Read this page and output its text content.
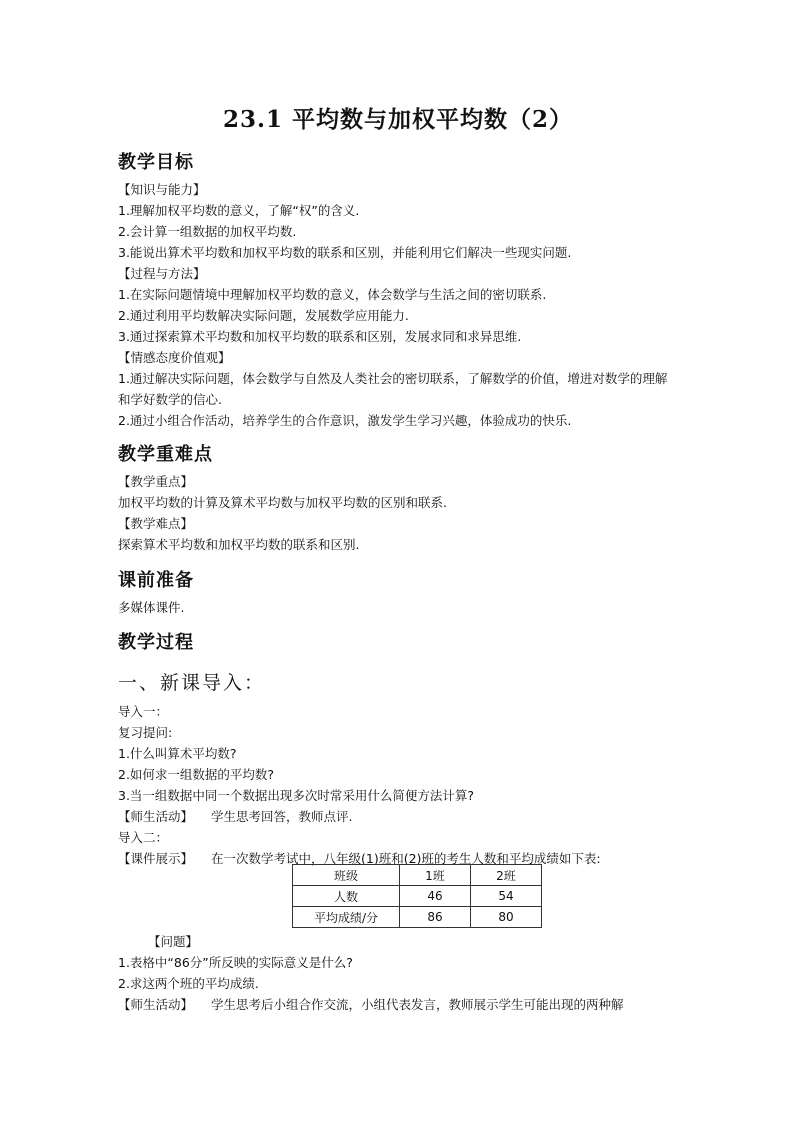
23.1 平均数与加权平均数（2）
教学目标

【知识与能力】

1.理解加权平均数的意义，了解“权”的含义.

2.会计算一组数据的加权平均数.

3.能说出算术平均数和加权平均数的联系和区别，并能利用它们解决一些现实问题.

【过程与方法】

1.在实际问题情境中理解加权平均数的意义，体会数学与生活之间的密切联系.

2.通过利用平均数解决实际问题，发展数学应用能力.

3.通过探索算术平均数和加权平均数的联系和区别，发展求同和求异思维.

【情感态度价值观】

1.通过解决实际问题，体会数学与自然及人类社会的密切联系，了解数学的价值，增进对数学的理解和学好数学的信心.

2.通过小组合作活动，培养学生的合作意识，激发学生学习兴趣，体验成功的快乐.

教学重难点

【教学重点】

加权平均数的计算及算术平均数与加权平均数的区别和联系.

【教学难点】

探索算术平均数和加权平均数的联系和区别.

课前准备

多媒体课件.

教学过程
一、新课导入：

导入一：

复习提问:

1.什么叫算术平均数?

2.如何求一组数据的平均数?

3.当一组数据中同一个数据出现多次时常采用什么简便方法计算?

【师生活动】 学生思考回答，教师点评.

导入二：

【课件展示】 在一次数学考试中，八年级(1)班和(2)班的考生人数和平均成绩如下表:

班级	1班	2班
人数	46	54
平均成绩/分	86	80

【问题】

1.表格中“86分”所反映的实际意义是什么?

2.求这两个班的平均成绩.

【师生活动】 学生思考后小组合作交流，小组代表发言，教师展示学生可能出现的两种解
